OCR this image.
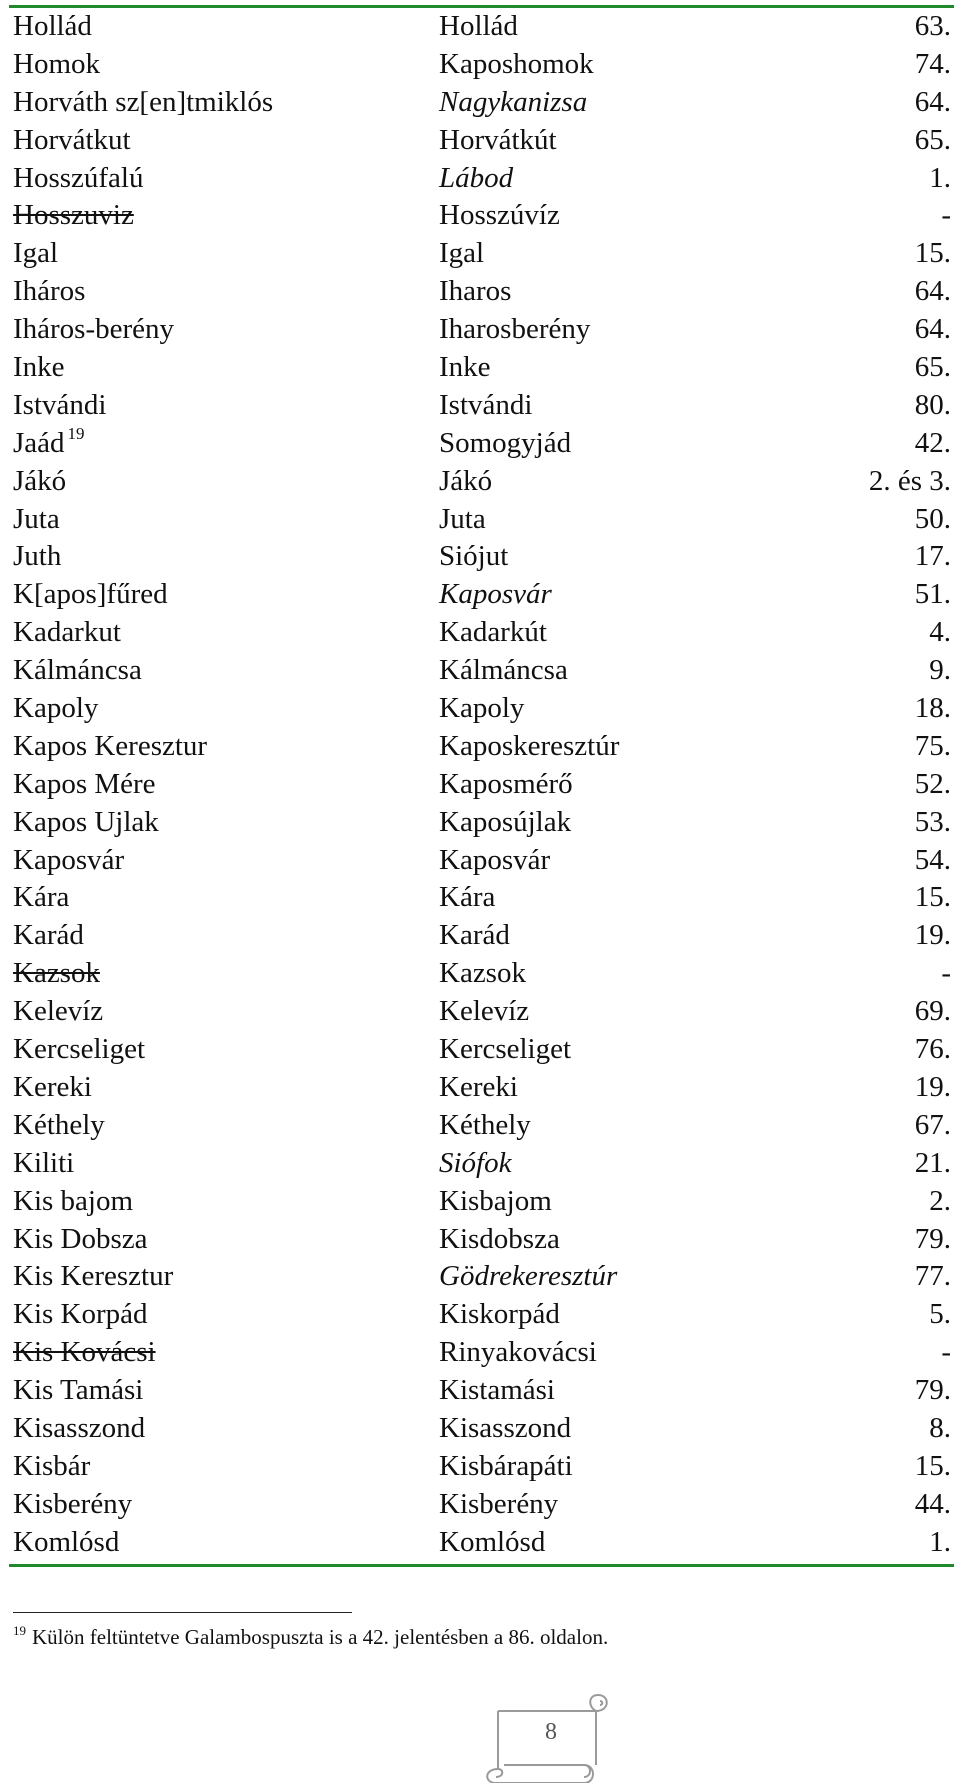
Hollád	Hollád	63.
Homok	Kaposhomok	74.
Horváth sz[en]tmiklós	Nagykanizsa	64.
Horvátkut	Horvátkút	65.
Hosszúfalú	Lábod	1.
Hosszuviz	Hosszúvíz	-
Igal	Igal	15.
Iháros	Iharos	64.
Iháros-berény	Iharosberény	64.
Inke	Inke	65.
Istvándi	Istvándi	80.
Jaád $^{19}$	Somogyjád	42.
Jákó	Jákó	2. és 3.
Juta	Juta	50.
Juth	Siójut	17.
K[apos]fűred	Kaposvár	51.
Kadarkut	Kadarkút	4.
Kálmáncsa	Kálmáncsa	9.
Kapoly	Kapoly	18.
Kapos Keresztur	Kaposkeresztúr	75.
Kapos Mére	Kaposmérő	52.
Kapos Ujlak	Kaposújlak	53.
Kaposvár	Kaposvár	54.
Kára	Kára	15.
Karád	Karád	19.
Kazsok	Kazsok	-
Kelevíz	Kelevíz	69.
Kercseliget	Kercseliget	76.
Kereki	Kereki	19.
Kéthely	Kéthely	67.
Kiliti	Siófok	21.
Kis bajom	Kisbajom	2.
Kis Dobsza	Kisdobsza	79.
Kis Keresztur	Gödrekeresztúr	77.
Kis Korpád	Kiskorpád	5.
Kis Kovácsi	Rinyakovácsi	-
Kis Tamási	Kistamási	79.
Kisasszond	Kisasszond	8.
Kisbár	Kisbárapáti	15.
Kisberény	Kisberény	44.
Komlósd	Komlósd	1.
$^{19}$ Külön feltüntetve Galambospuszta is a 42. jelentésben a 86. oldalon.
8
